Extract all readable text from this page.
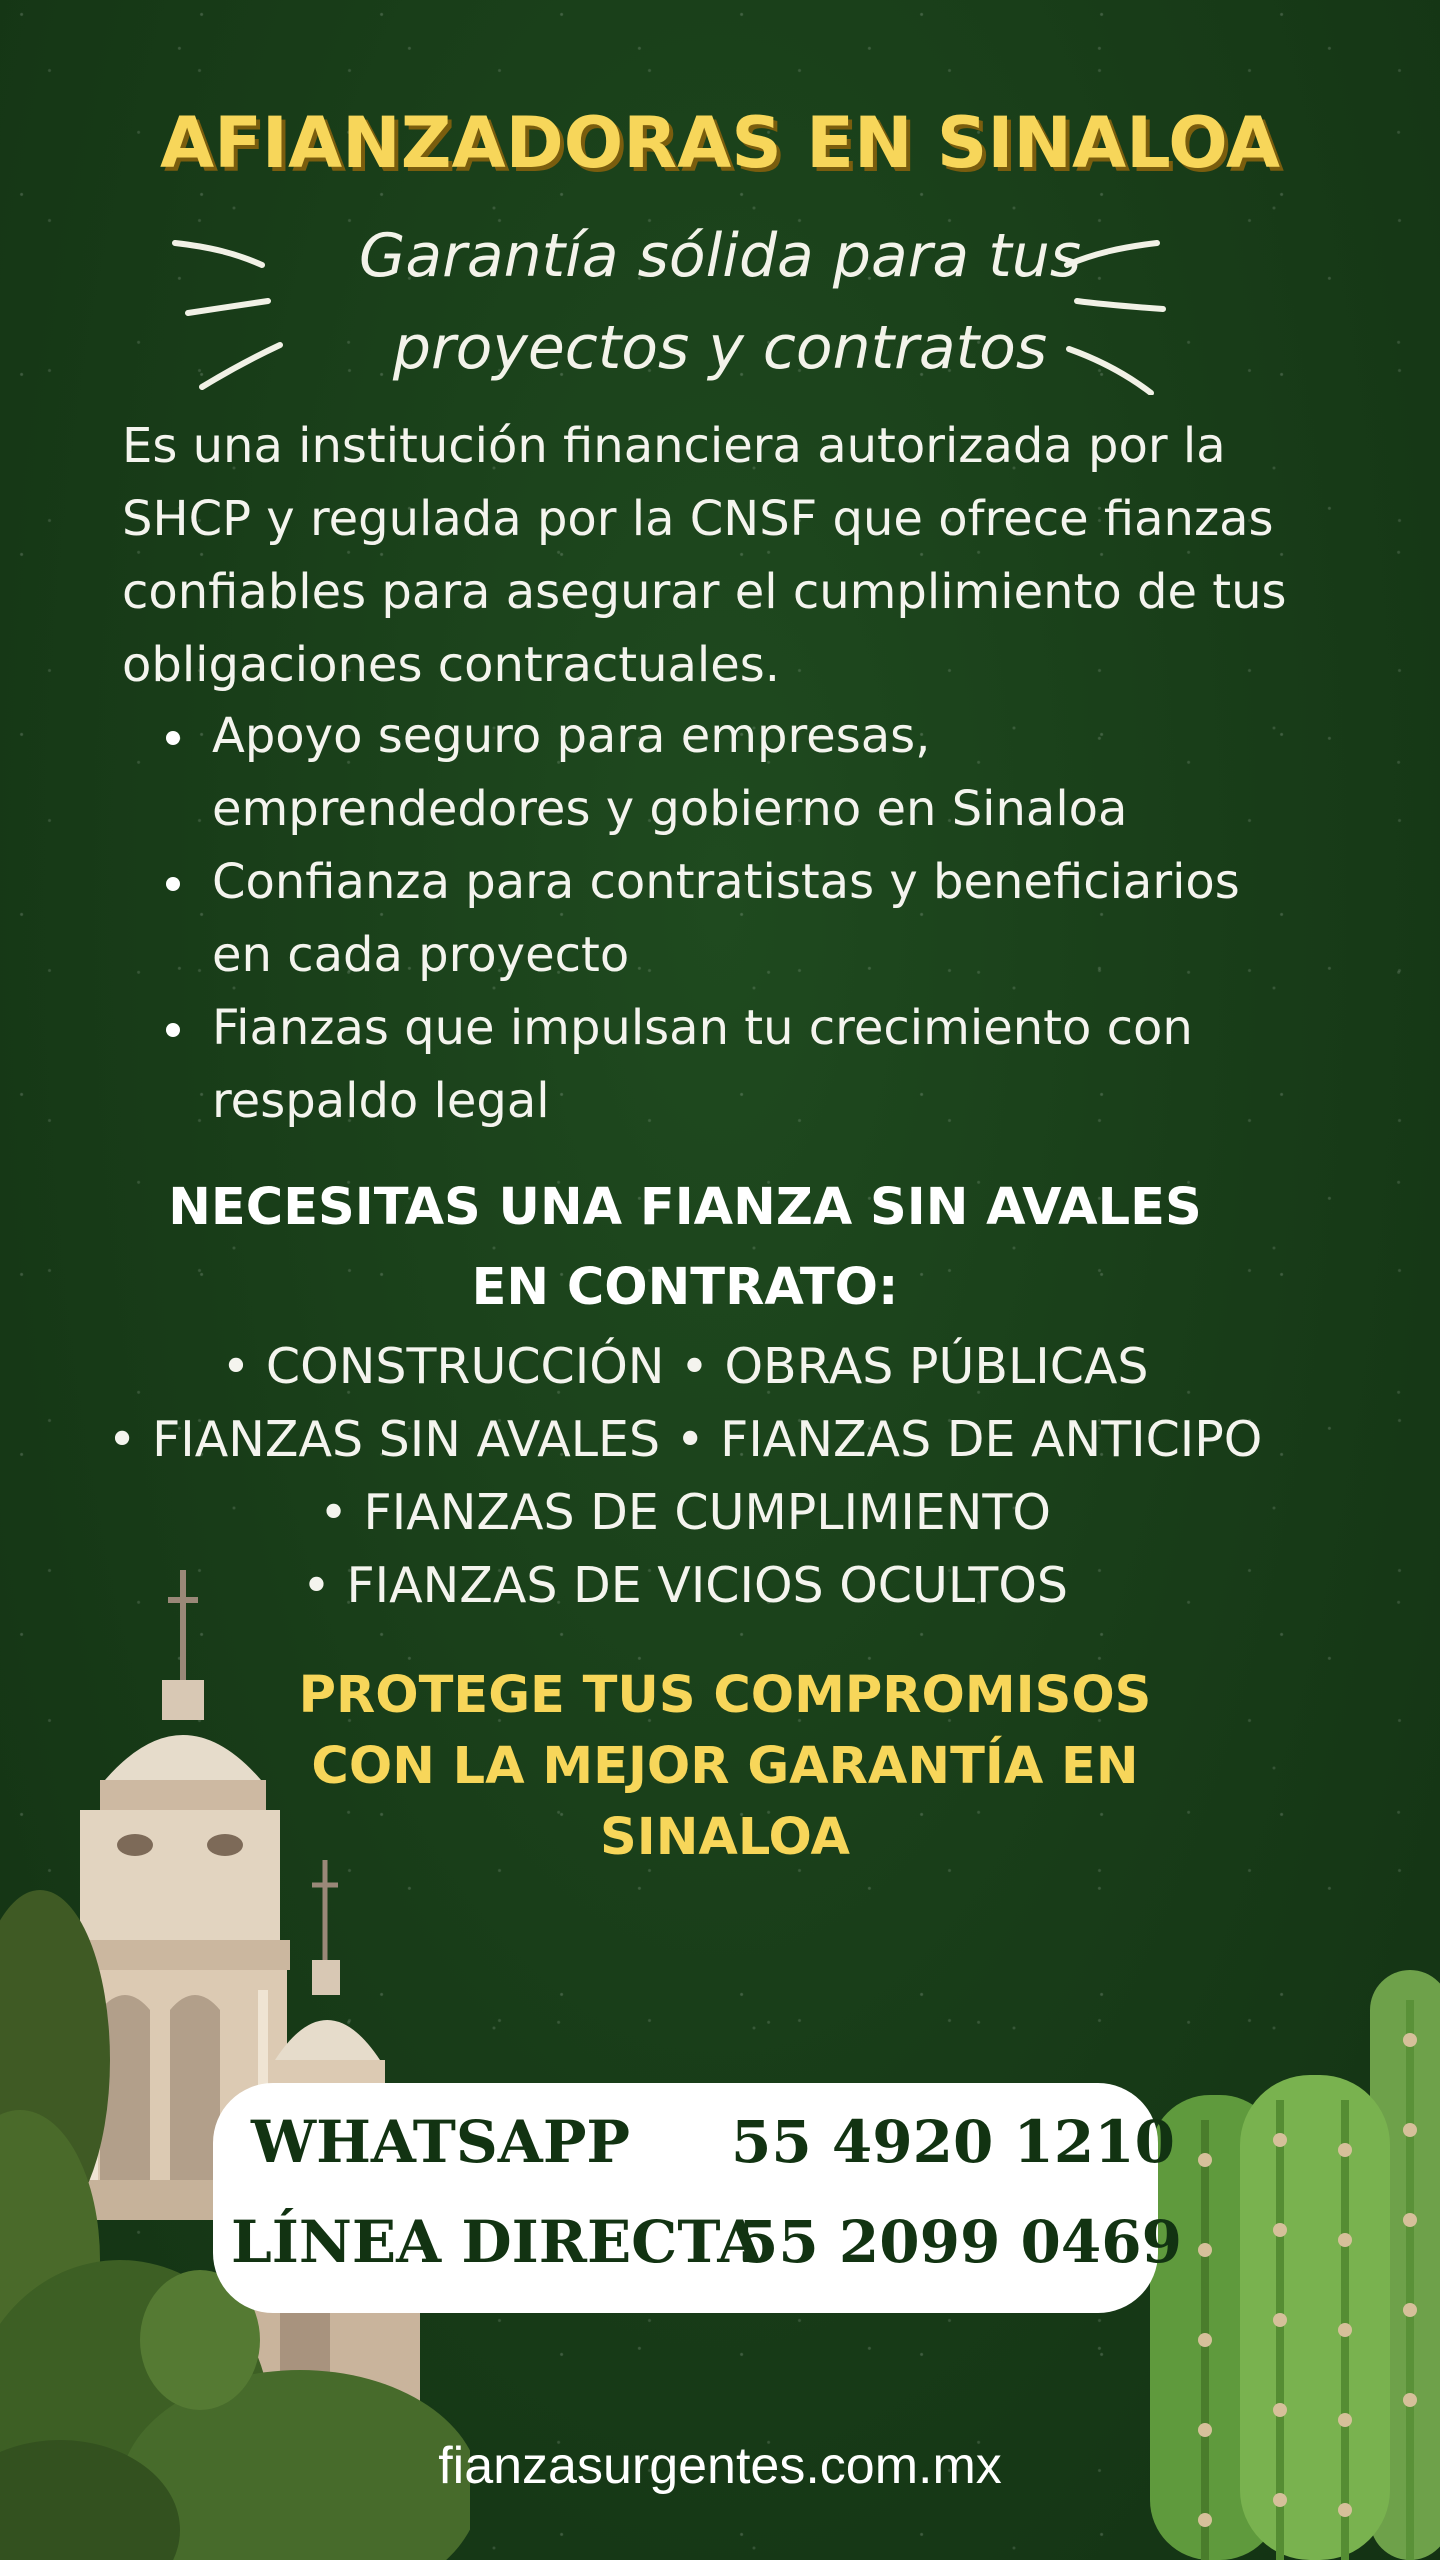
AFIANZADORAS EN SINALOA
Garantía sólida para tus
proyectos y contratos

Es una institución financiera autorizada por la SHCP y regulada por la CNSF que ofrece fianzas confiables para asegurar el cumplimiento de tus obligaciones contractuales.

Apoyo seguro para empresas, emprendedores y gobierno en Sinaloa
Confianza para contratistas y beneficiarios en cada proyecto
Fianzas que impulsan tu crecimiento con respaldo legal
NECESITAS UNA FIANZA SIN AVALES
EN CONTRATO:
• CONSTRUCCIÓN • OBRAS PÚBLICAS
• FIANZAS SIN AVALES • FIANZAS DE ANTICIPO
• FIANZAS DE CUMPLIMIENTO
• FIANZAS DE VICIOS OCULTOS
PROTEGE TUS COMPROMISOS
CON LA MEJOR GARANTÍA EN
SINALOA
WHATSAPP 55 4920 1210
LÍNEA DIRECTA
55 2099 0469

fianzasurgentes.com.mx
